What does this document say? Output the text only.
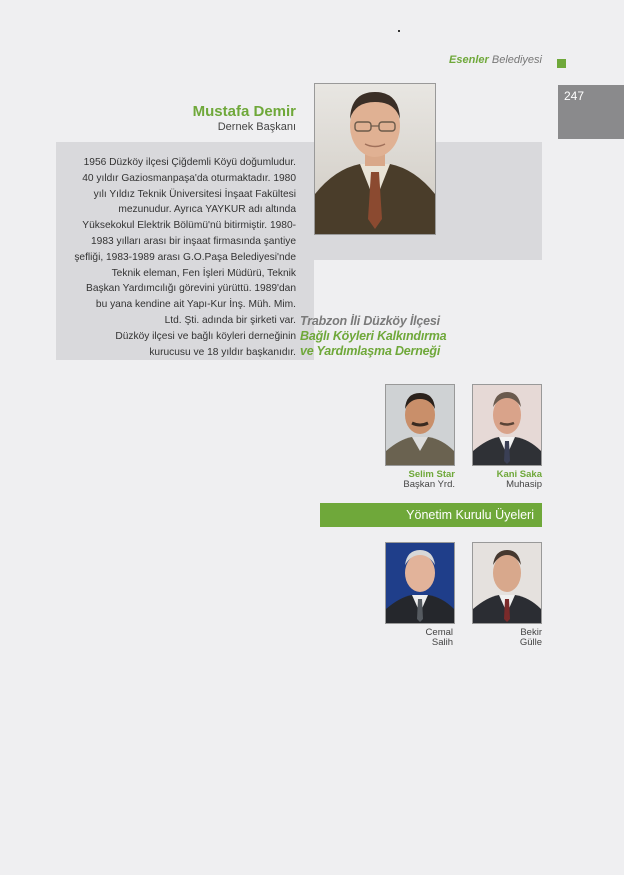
Esenler Belediyesi
247
Mustafa Demir
Dernek Başkanı
1956 Düzköy ilçesi Çiğdemli Köyü doğumludur.
40 yıldır Gaziosmanpaşa'da oturmaktadır. 1980
yılı Yıldız Teknik Üniversitesi İnşaat Fakültesi
mezunudur. Ayrıca YAYKUR adı altında
Yüksekokul Elektrik Bölümü'nü bitirmiştir. 1980-
1983 yılları arası bir inşaat firmasında şantiye
şefliği, 1983-1989 arası G.O.Paşa Belediyesi'nde
Teknik eleman, Fen İşleri Müdürü, Teknik
Başkan Yardımcılığı görevini yürüttü. 1989'dan
bu yana kendine ait Yapı-Kur İnş. Müh. Mim.
Ltd. Şti. adında bir şirketi var.
Düzköy ilçesi ve bağlı köyleri derneğinin
kurucusu ve 18 yıldır başkanıdır.
Trabzon İli Düzköy İlçesi
Bağlı Köyleri Kalkındırma
ve Yardımlaşma Derneği
Selim Star
Başkan Yrd.
Kani Saka
Muhasip
Yönetim Kurulu Üyeleri
Cemal
Salih
Bekir
Gülle
